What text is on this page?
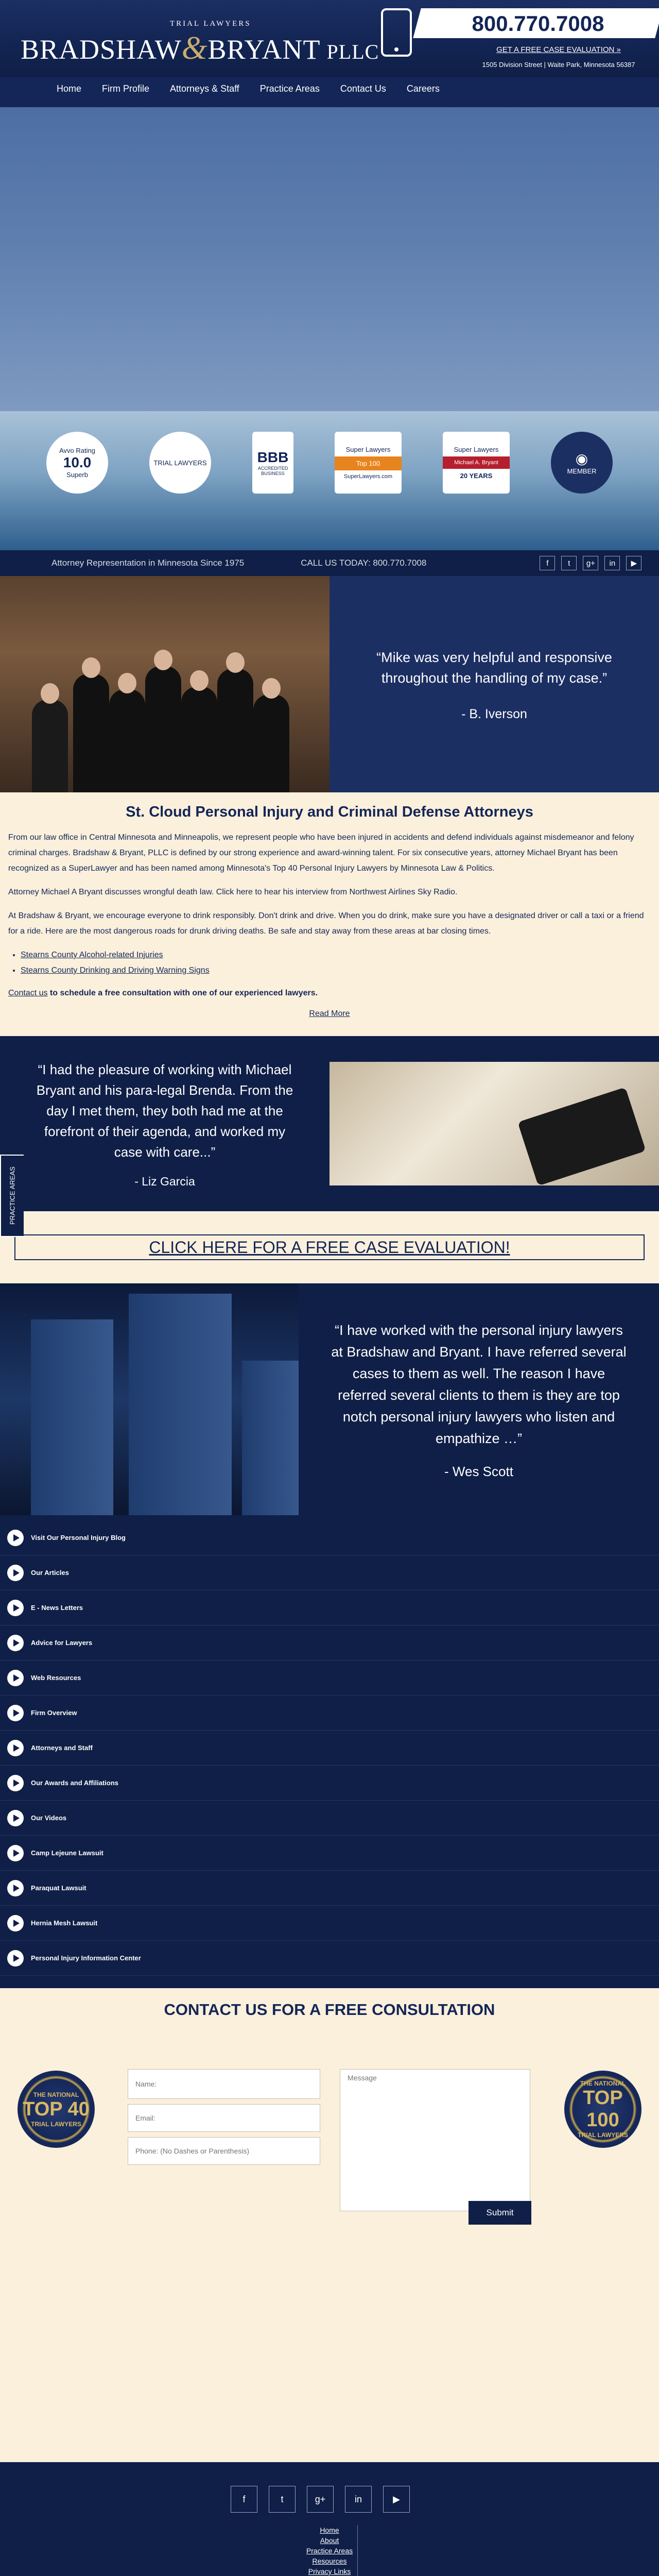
TRIAL LAWYERS
BRADSHAW&BRYANT PLLC
800.770.7008
GET A FREE CASE EVALUATION »
1505 Division Street | Waite Park, Minnesota 56387
Home	Firm Profile	Attorneys & Staff	Practice Areas	Contact Us	Careers
Avvo Rating
10.0
Superb
TRIAL LAWYERS	BBB
ACCREDITED BUSINESS
Super Lawyers
Top 100
SuperLawyers.com
Super Lawyers
Michael A. Bryant
20 YEARS
◉
MEMBER
Attorney Representation in Minnesota Since 1975	CALL US TODAY: 800.770.7008	f	t	g+	in	▶
“Mike was very helpful and responsive throughout the handling of my case.”
- B. Iverson
St. Cloud Personal Injury and Criminal Defense Attorneys

From our law office in Central Minnesota and Minneapolis, we represent people who have been injured in accidents and defend individuals against misdemeanor and felony criminal charges. Bradshaw & Bryant, PLLC is defined by our strong experience and award-winning talent. For six consecutive years, attorney Michael Bryant has been recognized as a SuperLawyer and has been named among Minnesota's Top 40 Personal Injury Lawyers by Minnesota Law & Politics.

Attorney Michael A Bryant discusses wrongful death law. Click here to hear his interview from Northwest Airlines Sky Radio.

At Bradshaw & Bryant, we encourage everyone to drink responsibly. Don't drink and drive. When you do drink, make sure you have a designated driver or call a taxi or a friend for a ride. Here are the most dangerous roads for drunk driving deaths. Be safe and stay away from these areas at bar closing times.

• Stearns County Alcohol-related Injuries
• Stearns County Drinking and Driving Warning Signs

Contact us to schedule a free consultation with one of our experienced lawyers.

Read More
“I had the pleasure of working with Michael Bryant and his para-legal Brenda. From the day I met them, they both had me at the forefront of their agenda, and worked my case with care...”
- Liz Garcia
PRACTICE AREAS
CLICK HERE FOR A FREE CASE EVALUATION!
“I have worked with the personal injury lawyers at Bradshaw and Bryant. I have referred several cases to them as well. The reason I have referred several clients to them is they are top notch personal injury lawyers who listen and empathize …”
- Wes Scott
Visit Our Personal Injury Blog
Our Articles
E - News Letters
Advice for Lawyers
Web Resources
Firm Overview
Attorneys and Staff
Our Awards and Affiliations
Our Videos
Camp Lejeune Lawsuit
Paraquat Lawsuit
Hernia Mesh Lawsuit
Personal Injury Information Center
CONTACT US FOR A FREE CONSULTATION
THE NATIONAL
TOP 40
TRIAL LAWYERS
THE NATIONAL
TOP 100
TRIAL LAWYERS
Name:
Email:
Phone: (No Dashes or Parenthesis)
Message
Submit
f	t	g+	in	▶
Home
About
Practice Areas
Resources
Privacy Links
